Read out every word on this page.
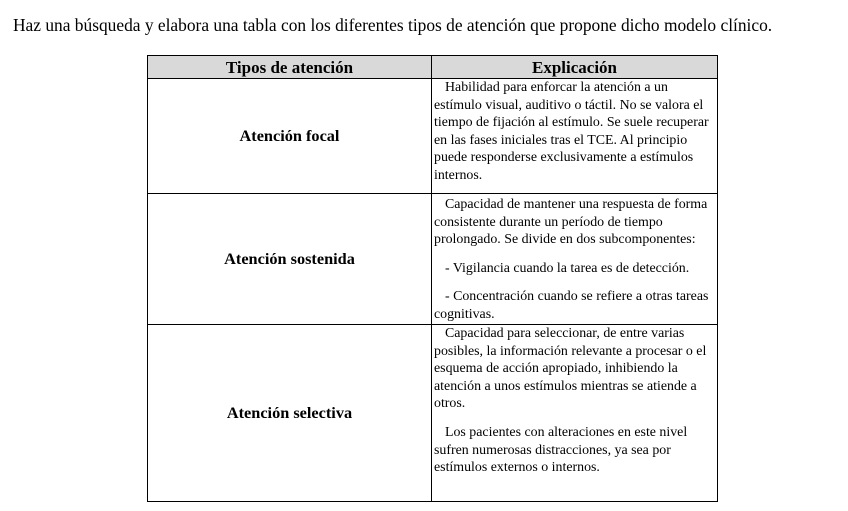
Haz una búsqueda y elabora una tabla con los diferentes tipos de atención que propone dicho modelo clínico.
Tipos de atención	Explicación
Atención focal	Habilidad para enforcar la atención a un estímulo visual, auditivo o táctil. No se valora el tiempo de fijación al estímulo. Se suele recuperar en las fases iniciales tras el TCE. Al principio puede responderse exclusivamente a estímulos internos.

Atención sostenida	Capacidad de mantener una respuesta de forma consistente durante un período de tiempo prolongado. Se divide en dos subcomponentes:

- Vigilancia cuando la tarea es de detección.

- Concentración cuando se refiere a otras tareas cognitivas.

Atención selectiva	Capacidad para seleccionar, de entre varias posibles, la información relevante a procesar o el esquema de acción apropiado, inhibiendo la atención a unos estímulos mientras se atiende a otros.

Los pacientes con alteraciones en este nivel sufren numerosas distracciones, ya sea por estímulos externos o internos.
